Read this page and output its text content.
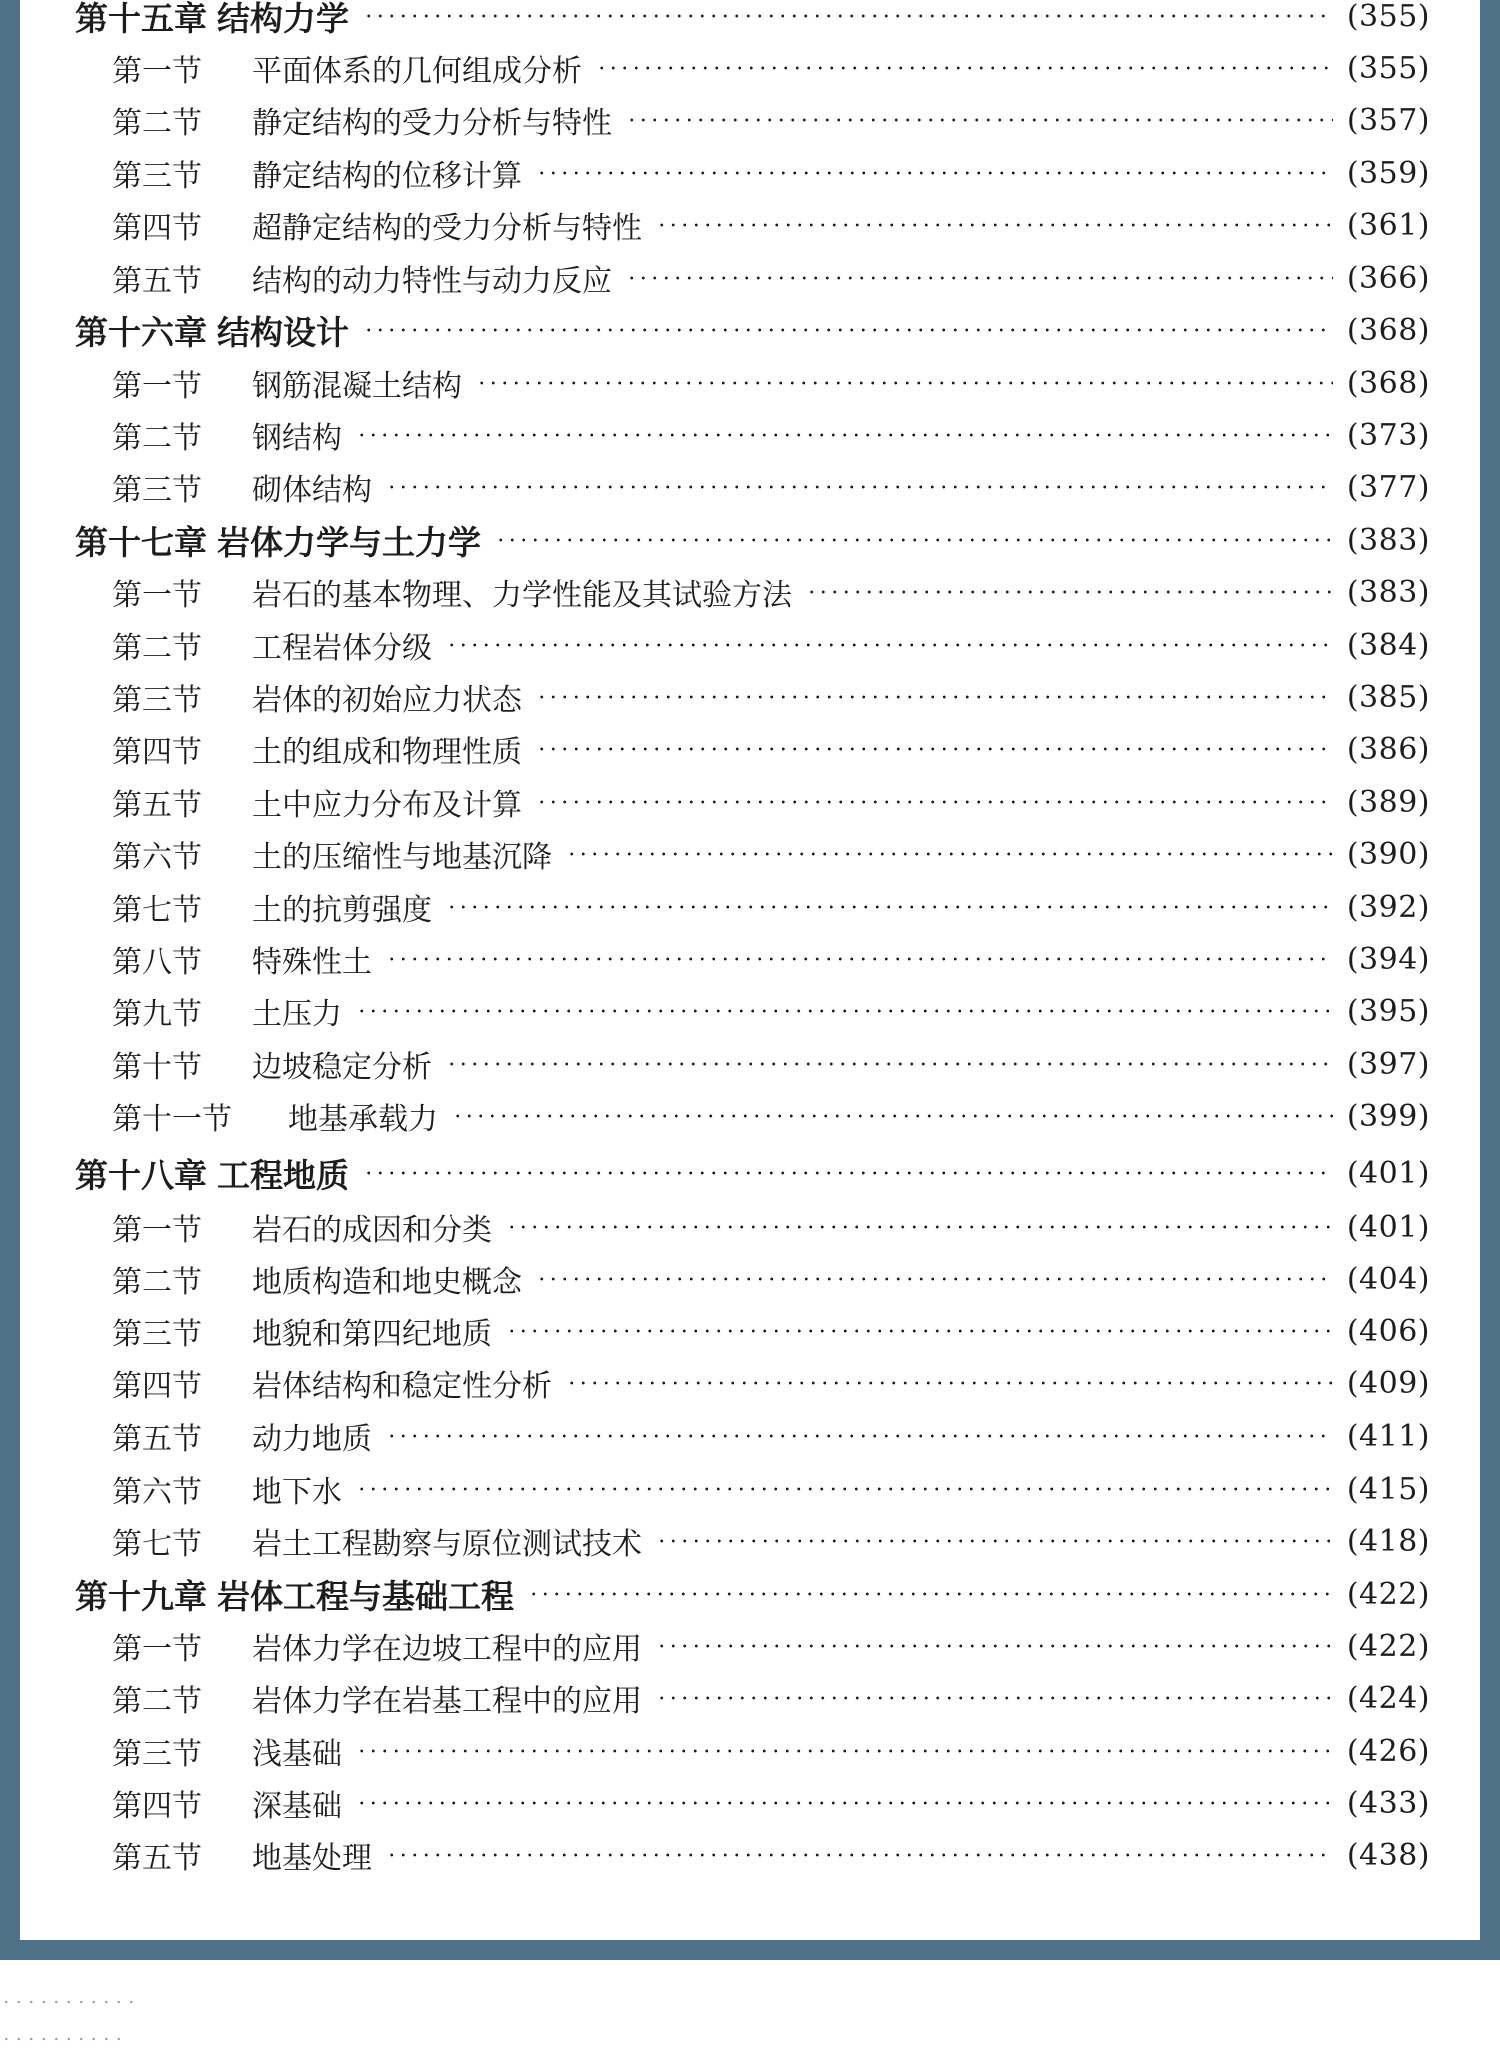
第十五章 结构力学	(355)
第一节	平面体系的几何组成分析	(355)
第二节	静定结构的受力分析与特性	(357)
第三节	静定结构的位移计算	(359)
第四节	超静定结构的受力分析与特性	(361)
第五节	结构的动力特性与动力反应	(366)
第十六章 结构设计	(368)
第一节	钢筋混凝土结构	(368)
第二节	钢结构	(373)
第三节	砌体结构	(377)
第十七章 岩体力学与土力学	(383)
第一节	岩石的基本物理、力学性能及其试验方法	(383)
第二节	工程岩体分级	(384)
第三节	岩体的初始应力状态	(385)
第四节	土的组成和物理性质	(386)
第五节	土中应力分布及计算	(389)
第六节	土的压缩性与地基沉降	(390)
第七节	土的抗剪强度	(392)
第八节	特殊性土	(394)
第九节	土压力	(395)
第十节	边坡稳定分析	(397)
第十一节	地基承载力	(399)
第十八章 工程地质	(401)
第一节	岩石的成因和分类	(401)
第二节	地质构造和地史概念	(404)
第三节	地貌和第四纪地质	(406)
第四节	岩体结构和稳定性分析	(409)
第五节	动力地质	(411)
第六节	地下水	(415)
第七节	岩土工程勘察与原位测试技术	(418)
第十九章 岩体工程与基础工程	(422)
第一节	岩体力学在边坡工程中的应用	(422)
第二节	岩体力学在岩基工程中的应用	(424)
第三节	浅基础	(426)
第四节	深基础	(433)
第五节	地基处理	(438)
